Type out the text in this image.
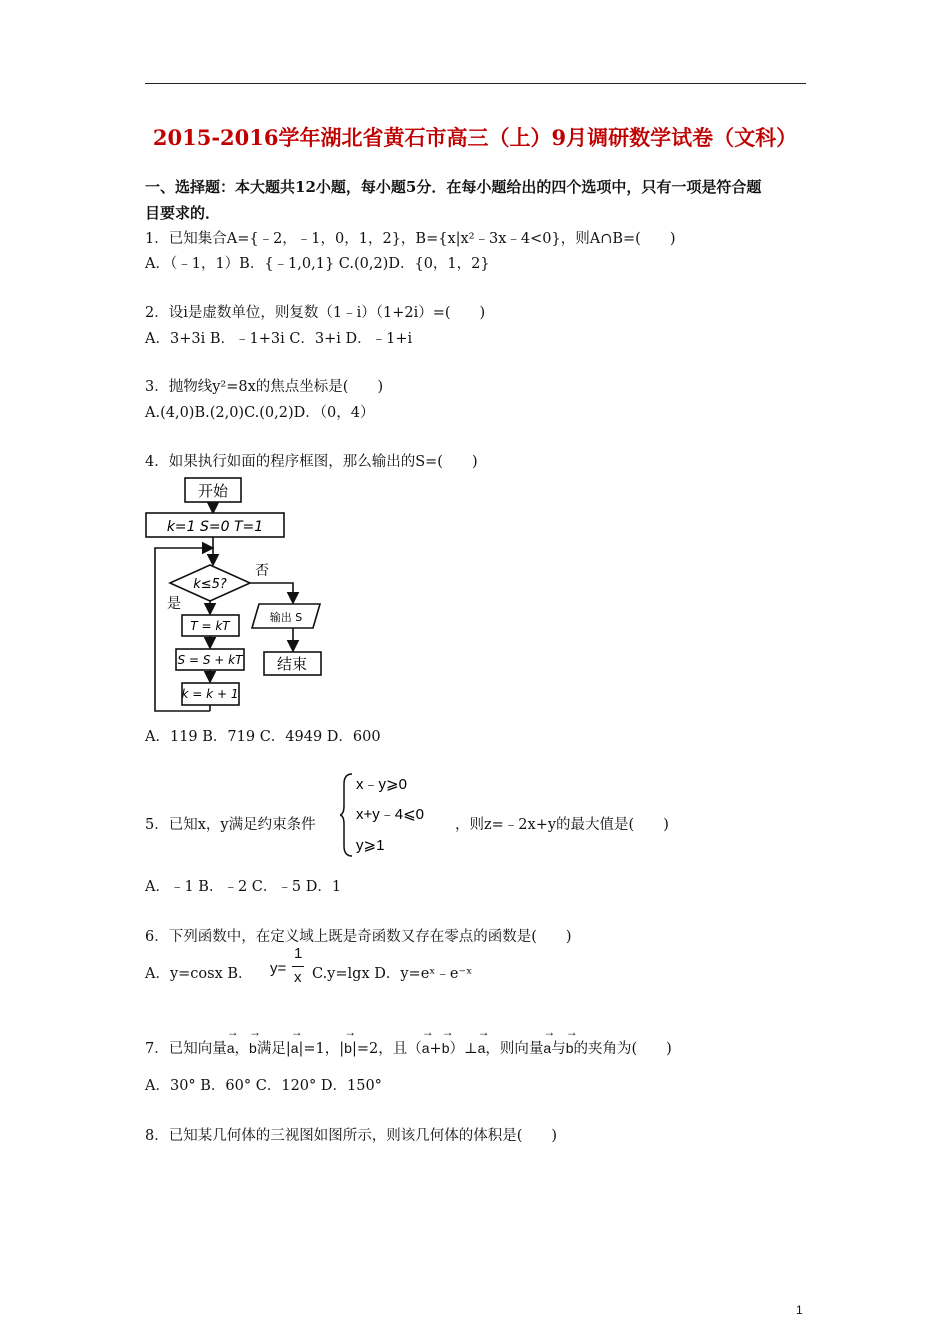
2015-2016学年湖北省黄石市高三（上）9月调研数学试卷（文科）
一、选择题：本大题共12小题，每小题5分．在每小题给出的四个选项中，只有一项是符合题
目要求的．
1．已知集合A={﹣2，﹣1，0，1，2}，B={x|x²﹣3x﹣4<0}，则A∩B=(　　)
A．（﹣1，1）B．{﹣1,0,1} C.(0,2)D．{0，1，2}
2．设i是虚数单位，则复数（1﹣i）（1+2i）=(　　)
A．3+3i B．﹣1+3i C．3+i D．﹣1+i
3．抛物线y²=8x的焦点坐标是(　　)
A.(4,0)B.(2,0)C.(0,2)D．（0，4）
4．如果执行如面的程序框图，那么输出的S=(　　)
开始
k=1 S=0 T=1
k≤5?
否
是
输出 S
结束
T = kT
S = S + kT
k = k + 1
A．119 B．719 C．4949 D．600
5．已知x，y满足约束条件
x﹣y⩾0
x+y﹣4⩽0
y⩾1
，则z=﹣2x+y的最大值是(　　)
A．﹣1 B．﹣2 C．﹣5 D．1
6．下列函数中，在定义域上既是奇函数又存在零点的函数是(　　)
A．y=cosx B． y=
1
x C.y=lgx D．y=eˣ﹣e⁻ˣ
7．已知向量
→
a，
→
b满足|
→
a|=1，|
→
b|=2，且（
→
a+
→
b）⊥
→
a，则向量
→
a与
→
b的夹角为(　　)
A．30° B．60° C．120° D．150°
8．已知某几何体的三视图如图所示，则该几何体的体积是(　　)
1
